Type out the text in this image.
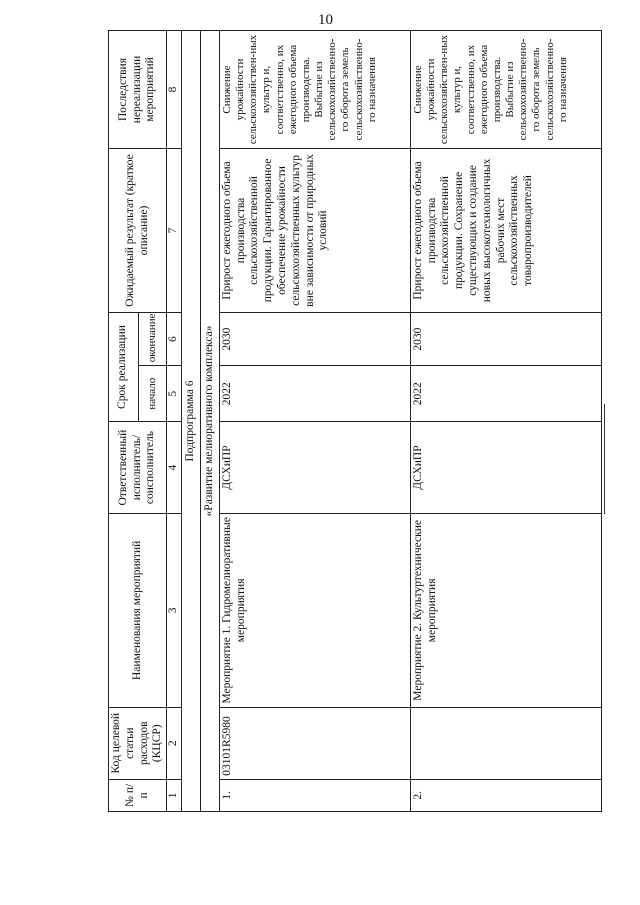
10
№ п/п	Код целевой статьи расходов (КЦСР)	Наименования мероприятий	Ответственный исполнитель/ соисполнитель	Срок реализации		Ожидаемый результат (краткое описание)	Последствия нереализации мероприятий
				начало	окончание		
1	2	3	4	5	6	7	8
Подпрограмма 6							
«Развитие мелиоративного комплекса»							
1.	03101R5980	Мероприятие 1. Гидромелиоративные мероприятия	ДСХиПР	2022	2030	Прирост ежегодного объема производства сельскохозяйственной продукции. Гарантированное обеспечение урожайности сельскохозяйственных культур вне зависимости от природных условий	Снижение урожайности сельскохозяйствен-ных культур и, соответственно, их ежегодного объема производства. Выбытие из сельскохозяйственно-го оборота земель сельскохозяйственно-го назначения
2.		Мероприятие 2. Культуртехнические мероприятия	ДСХиПР	2022	2030	Прирост ежегодного объема производства сельскохозяйственной продукции. Сохранение существующих и создание новых высокотехнологичных рабочих мест сельскохозяйственных товаропроизводителей	Снижение урожайности сельскохозяйствен-ных культур и, соответственно, их ежегодного объема производства. Выбытие из сельскохозяйственно-го оборота земель сельскохозяйственно-го назначения
